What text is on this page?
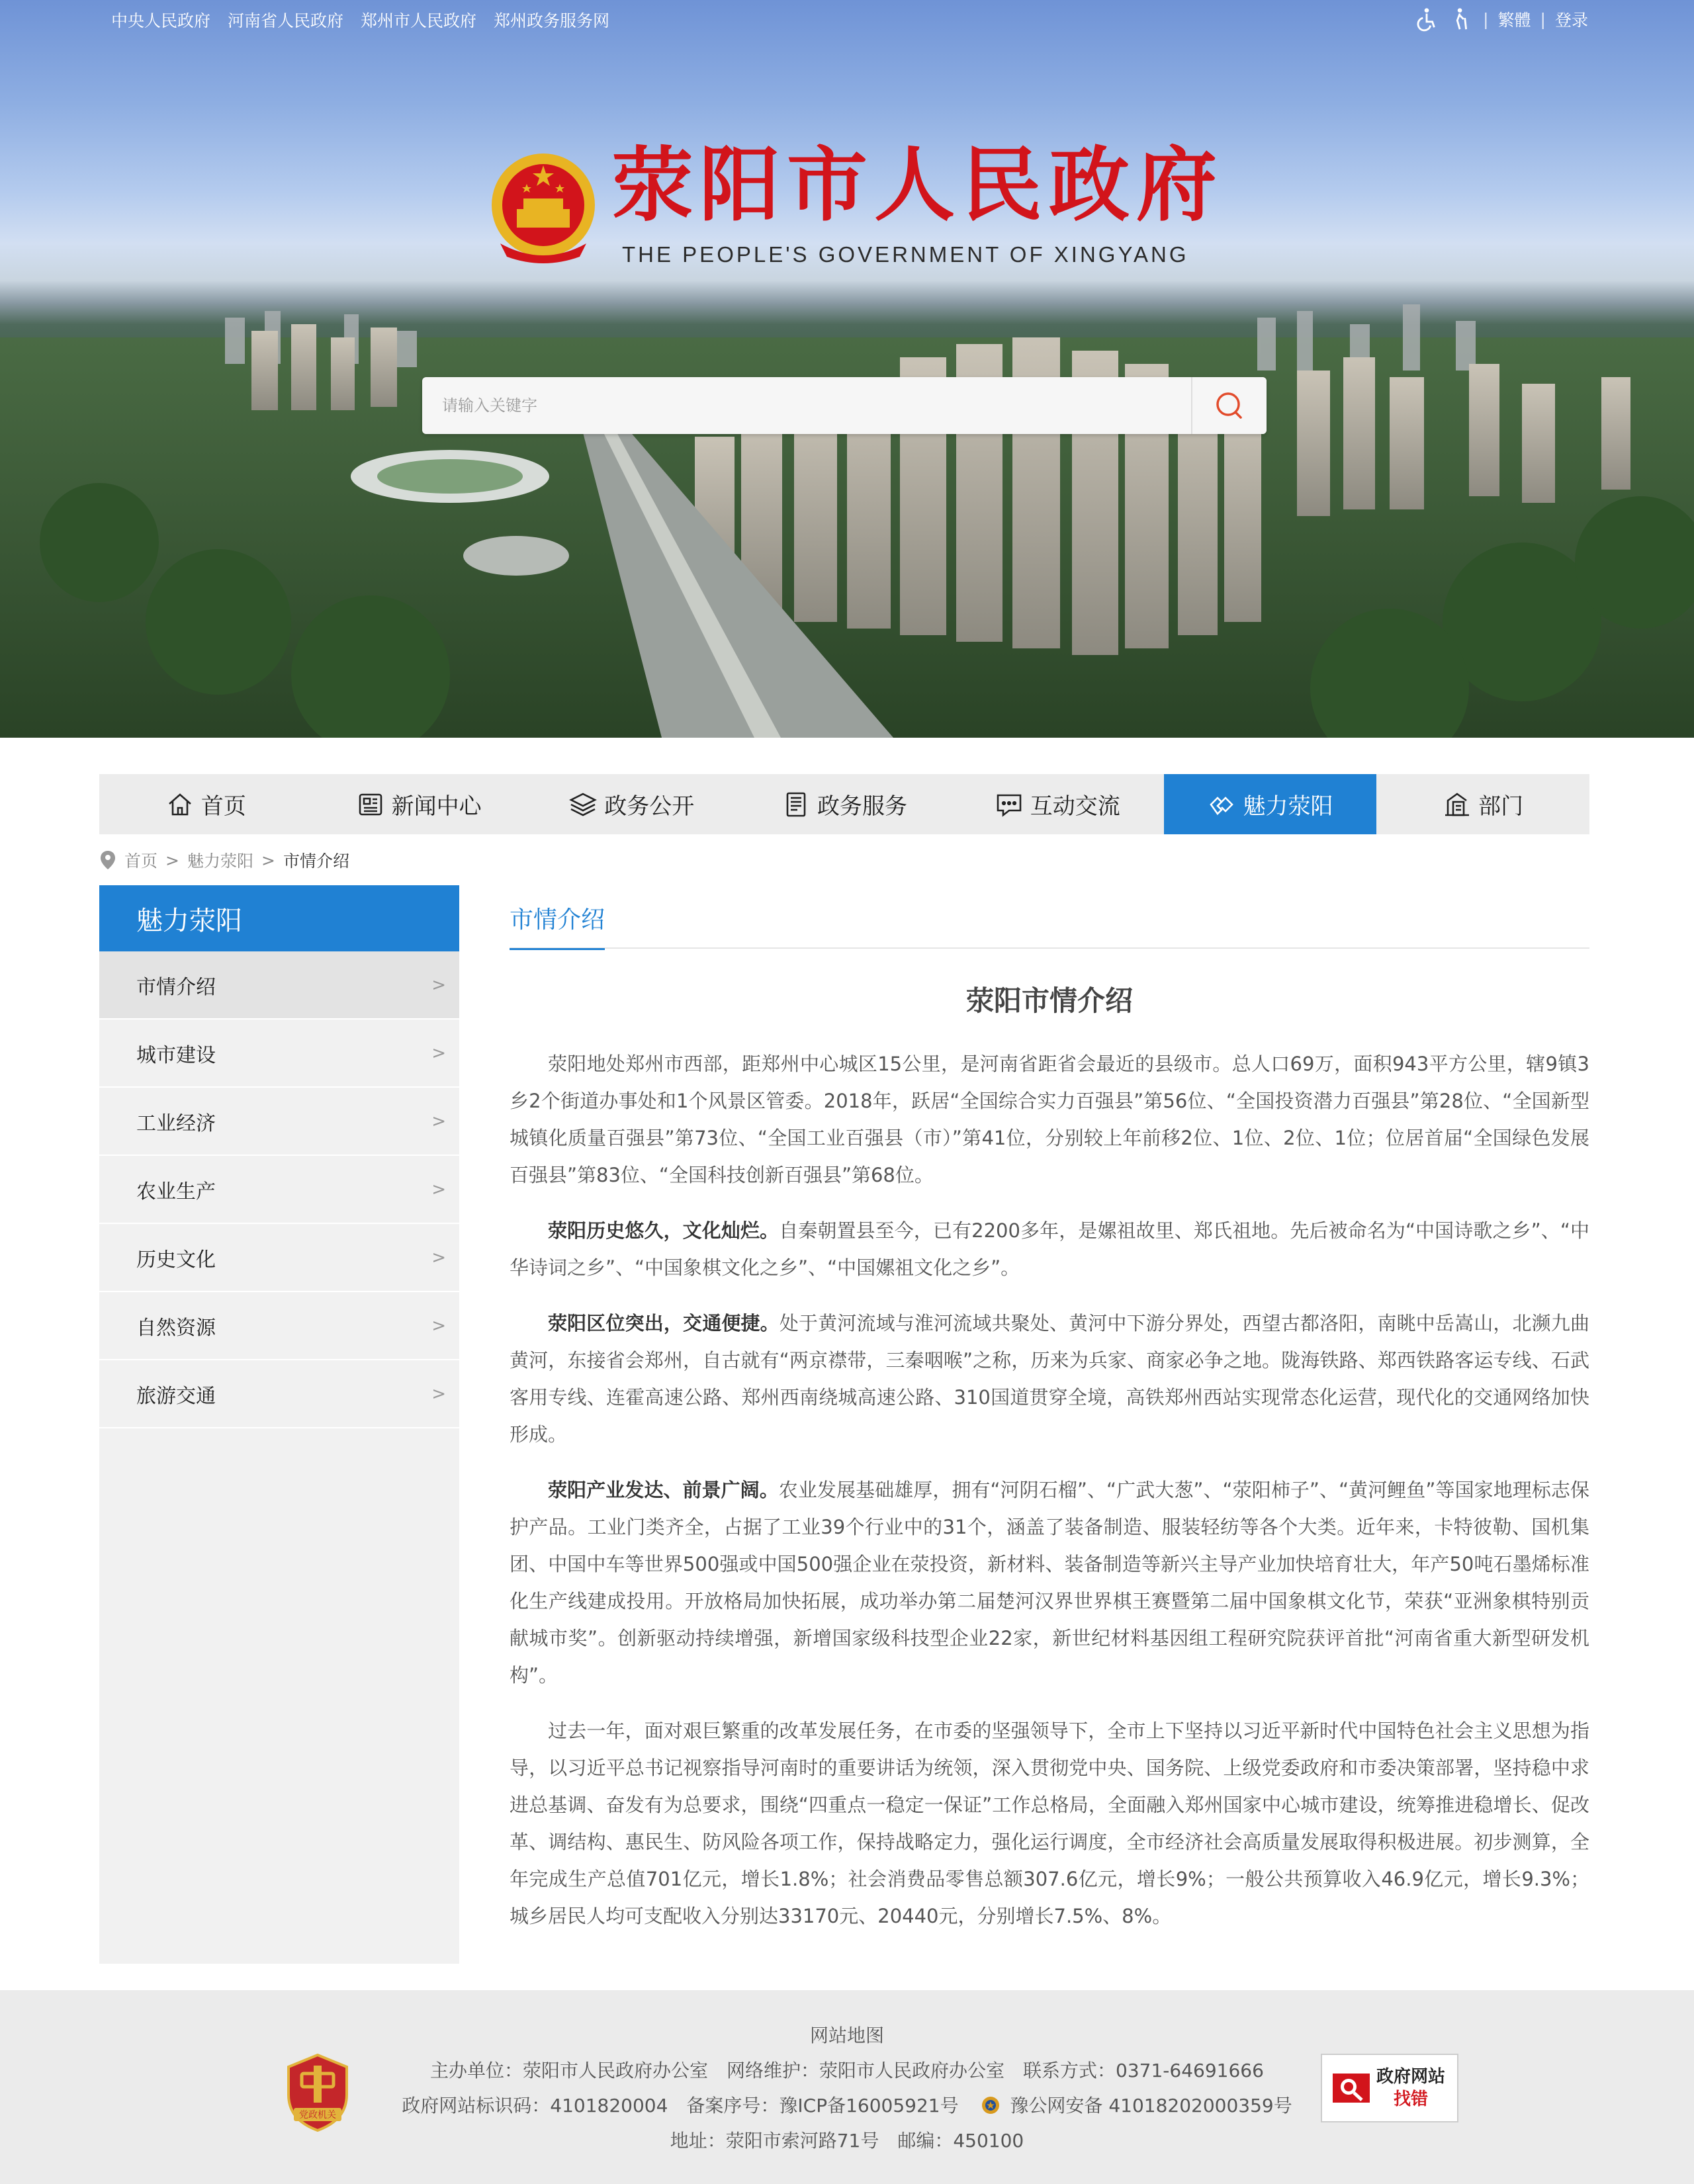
中央人民政府 河南省人民政府 郑州市人民政府 郑州政务服务网	| 繁體 | 登录
荥阳市人民政府
THE PEOPLE'S GOVERNMENT OF XINGYANG
请输入关键字
首页	新闻中心	政务公开	政务服务	互动交流	魅力荥阳	部门
首页 > 魅力荥阳 > 市情介绍
魅力荥阳
市情介绍	>
城市建设	>
工业经济	>
农业生产	>
历史文化	>
自然资源	>
旅游交通	>
市情介绍
荥阳市情介绍

荥阳地处郑州市西部，距郑州中心城区15公里，是河南省距省会最近的县级市。总人口69万，面积943平方公里，辖9镇3乡2个街道办事处和1个风景区管委。2018年，跃居“全国综合实力百强县”第56位、“全国投资潜力百强县”第28位、“全国新型城镇化质量百强县”第73位、“全国工业百强县（市）”第41位，分别较上年前移2位、1位、2位、1位；位居首届“全国绿色发展百强县”第83位、“全国科技创新百强县”第68位。

荥阳历史悠久，文化灿烂。自秦朝置县至今，已有2200多年，是嫘祖故里、郑氏祖地。先后被命名为“中国诗歌之乡”、“中华诗词之乡”、“中国象棋文化之乡”、“中国嫘祖文化之乡”。

荥阳区位突出，交通便捷。处于黄河流域与淮河流域共聚处、黄河中下游分界处，西望古都洛阳，南眺中岳嵩山，北濒九曲黄河，东接省会郑州，自古就有“两京襟带，三秦咽喉”之称，历来为兵家、商家必争之地。陇海铁路、郑西铁路客运专线、石武客用专线、连霍高速公路、郑州西南绕城高速公路、310国道贯穿全境，高铁郑州西站实现常态化运营，现代化的交通网络加快形成。

荥阳产业发达、前景广阔。农业发展基础雄厚，拥有“河阴石榴”、“广武大葱”、“荥阳柿子”、“黄河鲤鱼”等国家地理标志保护产品。工业门类齐全，占据了工业39个行业中的31个，涵盖了装备制造、服装轻纺等各个大类。近年来，卡特彼勒、国机集团、中国中车等世界500强或中国500强企业在荥投资，新材料、装备制造等新兴主导产业加快培育壮大，年产50吨石墨烯标准化生产线建成投用。开放格局加快拓展，成功举办第二届楚河汉界世界棋王赛暨第二届中国象棋文化节，荣获“亚洲象棋特别贡献城市奖”。创新驱动持续增强，新增国家级科技型企业22家，新世纪材料基因组工程研究院获评首批“河南省重大新型研发机构”。

过去一年，面对艰巨繁重的改革发展任务，在市委的坚强领导下，全市上下坚持以习近平新时代中国特色社会主义思想为指导，以习近平总书记视察指导河南时的重要讲话为统领，深入贯彻党中央、国务院、上级党委政府和市委决策部署，坚持稳中求进总基调、奋发有为总要求，围绕“四重点一稳定一保证”工作总格局，全面融入郑州国家中心城市建设，统筹推进稳增长、促改革、调结构、惠民生、防风险各项工作，保持战略定力，强化运行调度，全市经济社会高质量发展取得积极进展。初步测算，全年完成生产总值701亿元，增长1.8%；社会消费品零售总额307.6亿元，增长9%；一般公共预算收入46.9亿元，增长9.3%；城乡居民人均可支配收入分别达33170元、20440元，分别增长7.5%、8%。

党政机关
网站地图
主办单位：荥阳市人民政府办公室　网络维护：荥阳市人民政府办公室　联系方式：0371-64691666
政府网站标识码：4101820004　备案序号：豫ICP备16005921号	豫公网安备 41018202000359号
地址：荥阳市索河路71号　邮编：450100
政府网站
找错
